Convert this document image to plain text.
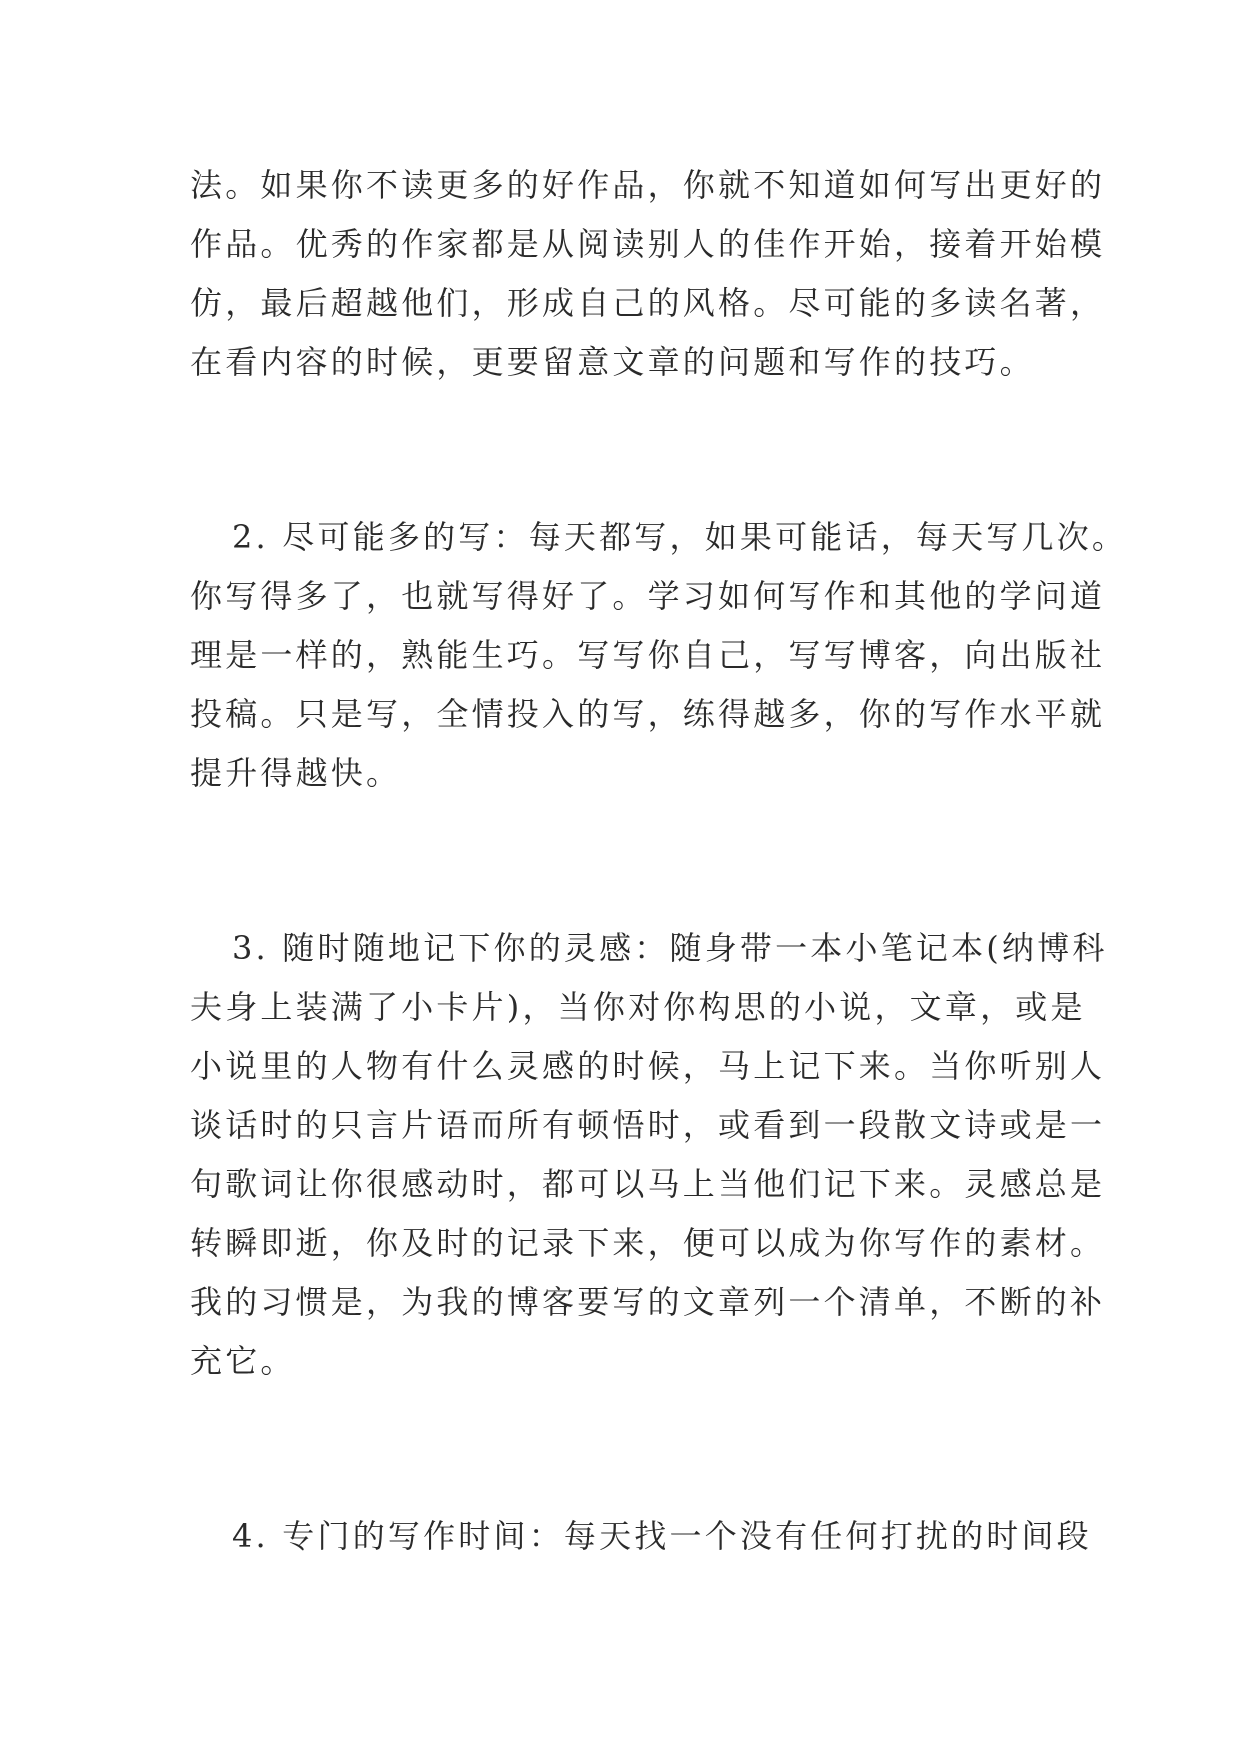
法。如果你不读更多的好作品，你就不知道如何写出更好的
作品。优秀的作家都是从阅读别人的佳作开始，接着开始模
仿，最后超越他们，形成自己的风格。尽可能的多读名著，
在看内容的时候，更要留意文章的问题和写作的技巧。
2. 尽可能多的写：每天都写，如果可能话，每天写几次。
你写得多了，也就写得好了。学习如何写作和其他的学问道
理是一样的，熟能生巧。写写你自己，写写博客，向出版社
投稿。只是写，全情投入的写，练得越多，你的写作水平就
提升得越快。
3. 随时随地记下你的灵感：随身带一本小笔记本(纳博科
夫身上装满了小卡片)，当你对你构思的小说，文章，或是
小说里的人物有什么灵感的时候，马上记下来。当你听别人
谈话时的只言片语而所有顿悟时，或看到一段散文诗或是一
句歌词让你很感动时，都可以马上当他们记下来。灵感总是
转瞬即逝，你及时的记录下来，便可以成为你写作的素材。
我的习惯是，为我的博客要写的文章列一个清单，不断的补
充它。
4. 专门的写作时间：每天找一个没有任何打扰的时间段
